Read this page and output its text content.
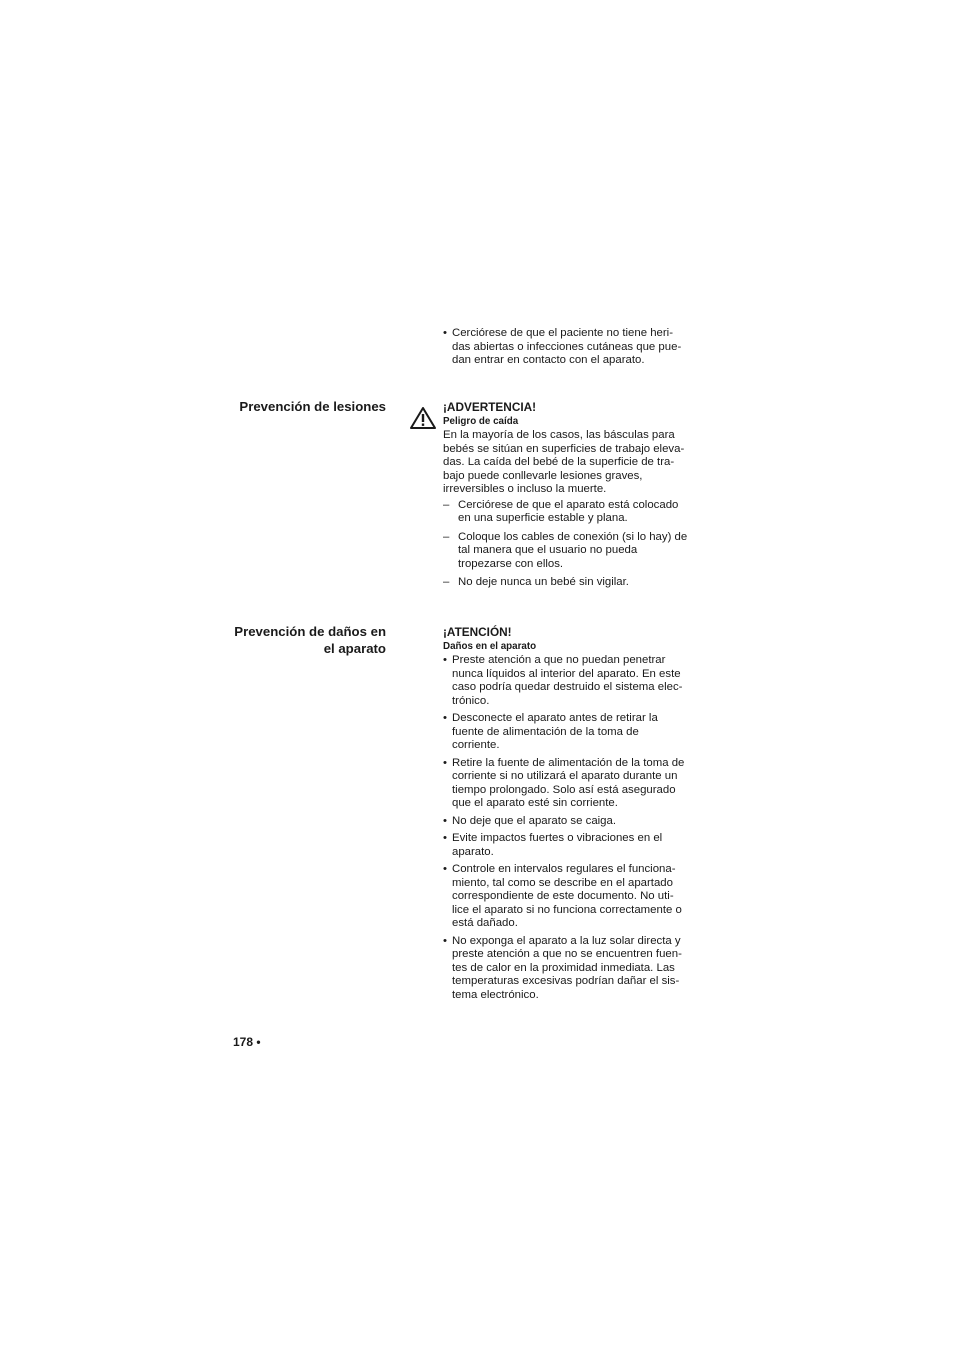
• Cerciórese de que el paciente no tiene heri-
das abiertas o infecciones cutáneas que pue-
dan entrar en contacto con el aparato.
Prevención de lesiones	¡ADVERTENCIA!
Peligro de caída

En la mayoría de los casos, las básculas para
bebés se sitúan en superficies de trabajo eleva-
das. La caída del bebé de la superficie de tra-
bajo puede conllevarle lesiones graves,
irreversibles o incluso la muerte.

– Cerciórese de que el aparato está colocado
en una superficie estable y plana.
– Coloque los cables de conexión (si lo hay) de
tal manera que el usuario no pueda
tropezarse con ellos.
– No deje nunca un bebé sin vigilar.
Prevención de daños en
el aparato
¡ATENCIÓN!
Daños en el aparato
• Preste atención a que no puedan penetrar
nunca líquidos al interior del aparato. En este
caso podría quedar destruido el sistema elec-
trónico.
• Desconecte el aparato antes de retirar la
fuente de alimentación de la toma de
corriente.
• Retire la fuente de alimentación de la toma de
corriente si no utilizará el aparato durante un
tiempo prolongado. Solo así está asegurado
que el aparato esté sin corriente.
• No deje que el aparato se caiga.
• Evite impactos fuertes o vibraciones en el
aparato.
• Controle en intervalos regulares el funciona-
miento, tal como se describe en el apartado
correspondiente de este documento. No uti-
lice el aparato si no funciona correctamente o
está dañado.
• No exponga el aparato a la luz solar directa y
preste atención a que no se encuentren fuen-
tes de calor en la proximidad inmediata. Las
temperaturas excesivas podrían dañar el sis-
tema electrónico.
178 •
